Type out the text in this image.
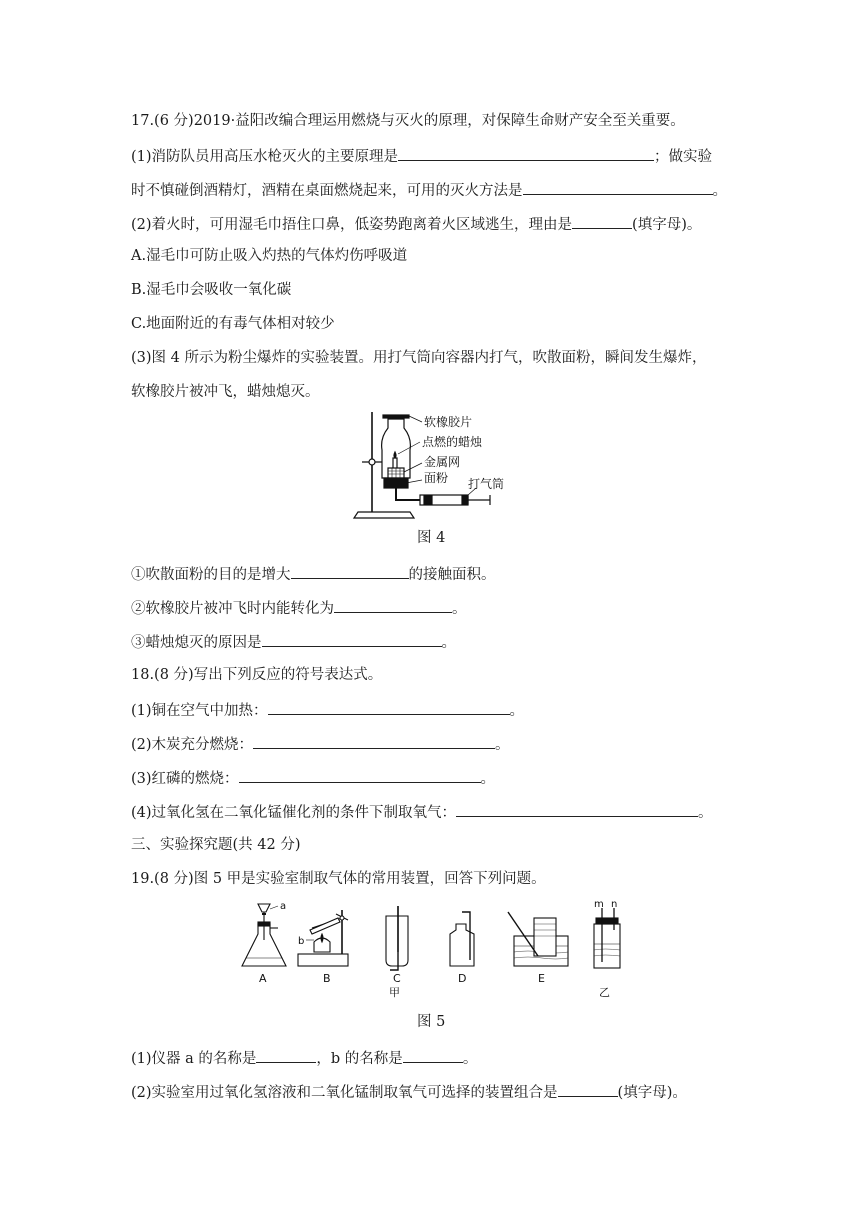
17.(6 分)2019·益阳改编合理运用燃烧与灭火的原理，对保障生命财产安全至关重要。
(1)消防队员用高压水枪灭火的主要原理是	；做实验
时不慎碰倒酒精灯，酒精在桌面燃烧起来，可用的灭火方法是	。
(2)着火时，可用湿毛巾捂住口鼻，低姿势跑离着火区域逃生，理由是	(填字母)。
A.湿毛巾可防止吸入灼热的气体灼伤呼吸道
B.湿毛巾会吸收一氧化碳
C.地面附近的有毒气体相对较少
(3)图 4 所示为粉尘爆炸的实验装置。用打气筒向容器内打气，吹散面粉，瞬间发生爆炸，
软橡胶片被冲飞，蜡烛熄灭。
软橡胶片
点燃的蜡烛
金属网
面粉 打气筒
图 4
①吹散面粉的目的是增大	的接触面积。
②软橡胶片被冲飞时内能转化为	。
③蜡烛熄灭的原因是	。
18.(8 分)写出下列反应的符号表达式。
(1)铜在空气中加热：	。
(2)木炭充分燃烧：	。
(3)红磷的燃烧：	。
(4)过氧化氢在二氧化锰催化剂的条件下制取氧气：	。
三、实验探究题(共 42 分)
19.(8 分)图 5 甲是实验室制取气体的常用装置，回答下列问题。
a
b
m n
A	B	C
甲
D	E
乙
图 5
(1)仪器 a 的名称是	，b 的名称是	。
(2)实验室用过氧化氢溶液和二氧化锰制取氧气可选择的装置组合是	(填字母)。
